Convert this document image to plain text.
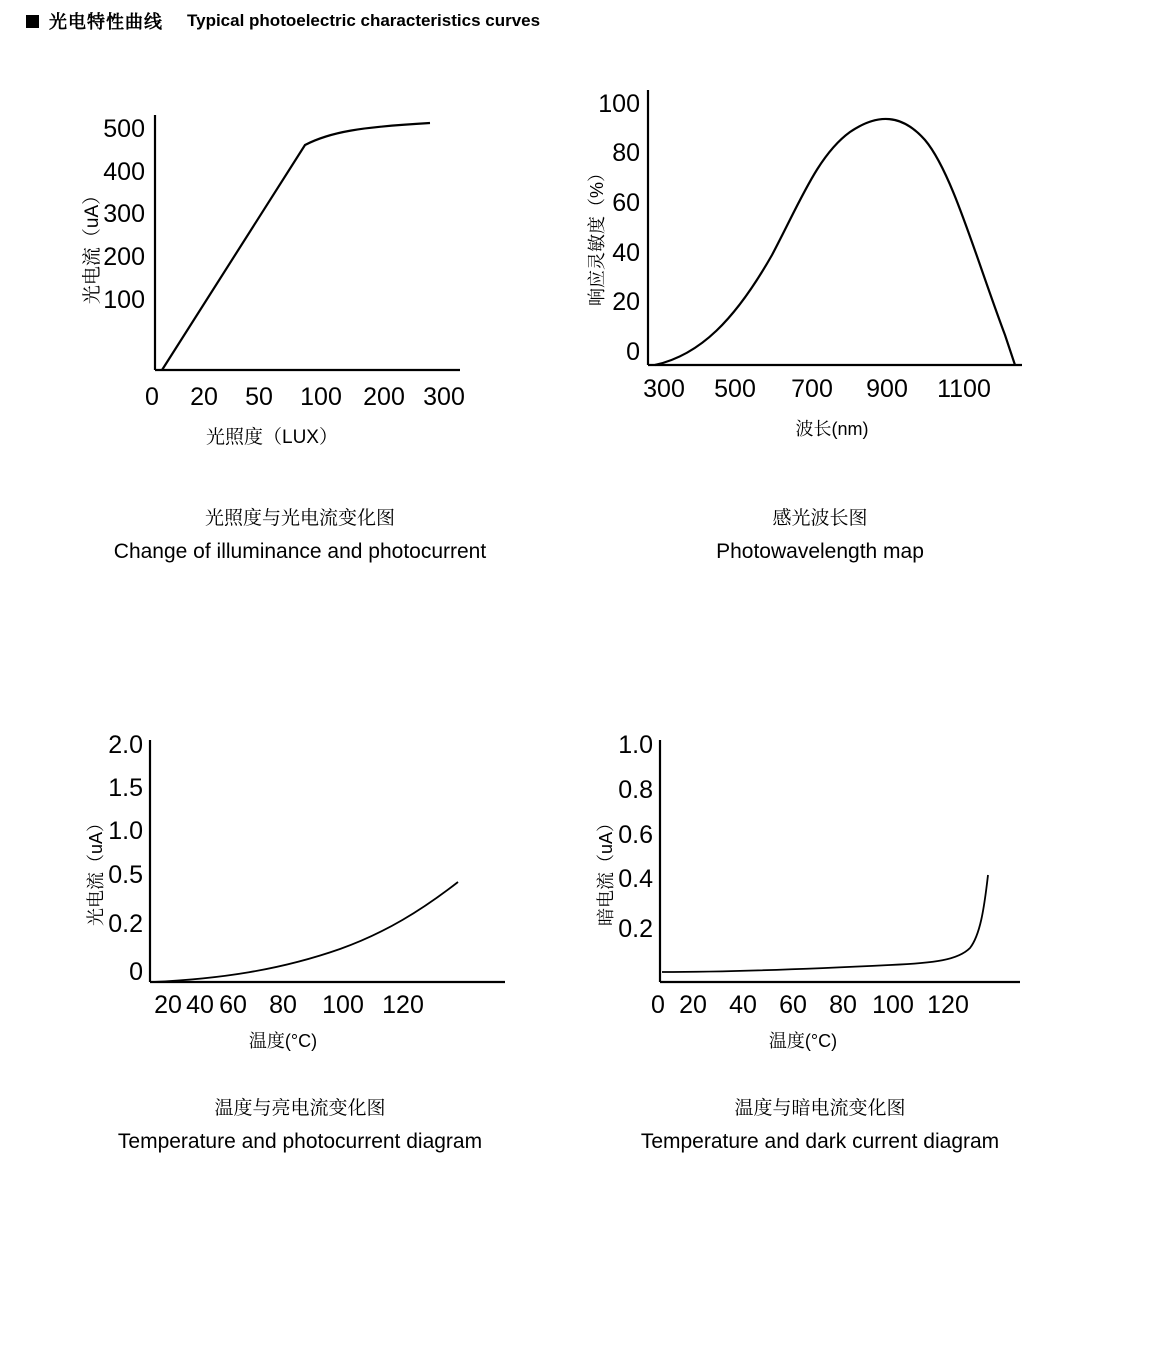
光电特性曲线 Typical photoelectric characteristics curves
500
400
300
200
100
0 20 50 100 200 300
光照度（LUX）
光电流（uA）
光照度与光电流变化图
Change of illuminance and photocurrent
100
80
60
40
20
0
300 500 700 900 1100
波长(nm)
响应灵敏度（%）
感光波长图
Photowavelength map
2.0
1.5
1.0
0.5
0.2
0
20 40 60 80 100 120
温度(°C)
光电流（uA）
温度与亮电流变化图
Temperature and photocurrent diagram
1.0
0.8
0.6
0.4
0.2
0 20 40 60 80 100 120
温度(°C)
暗电流（uA）
温度与暗电流变化图
Temperature and dark current diagram
